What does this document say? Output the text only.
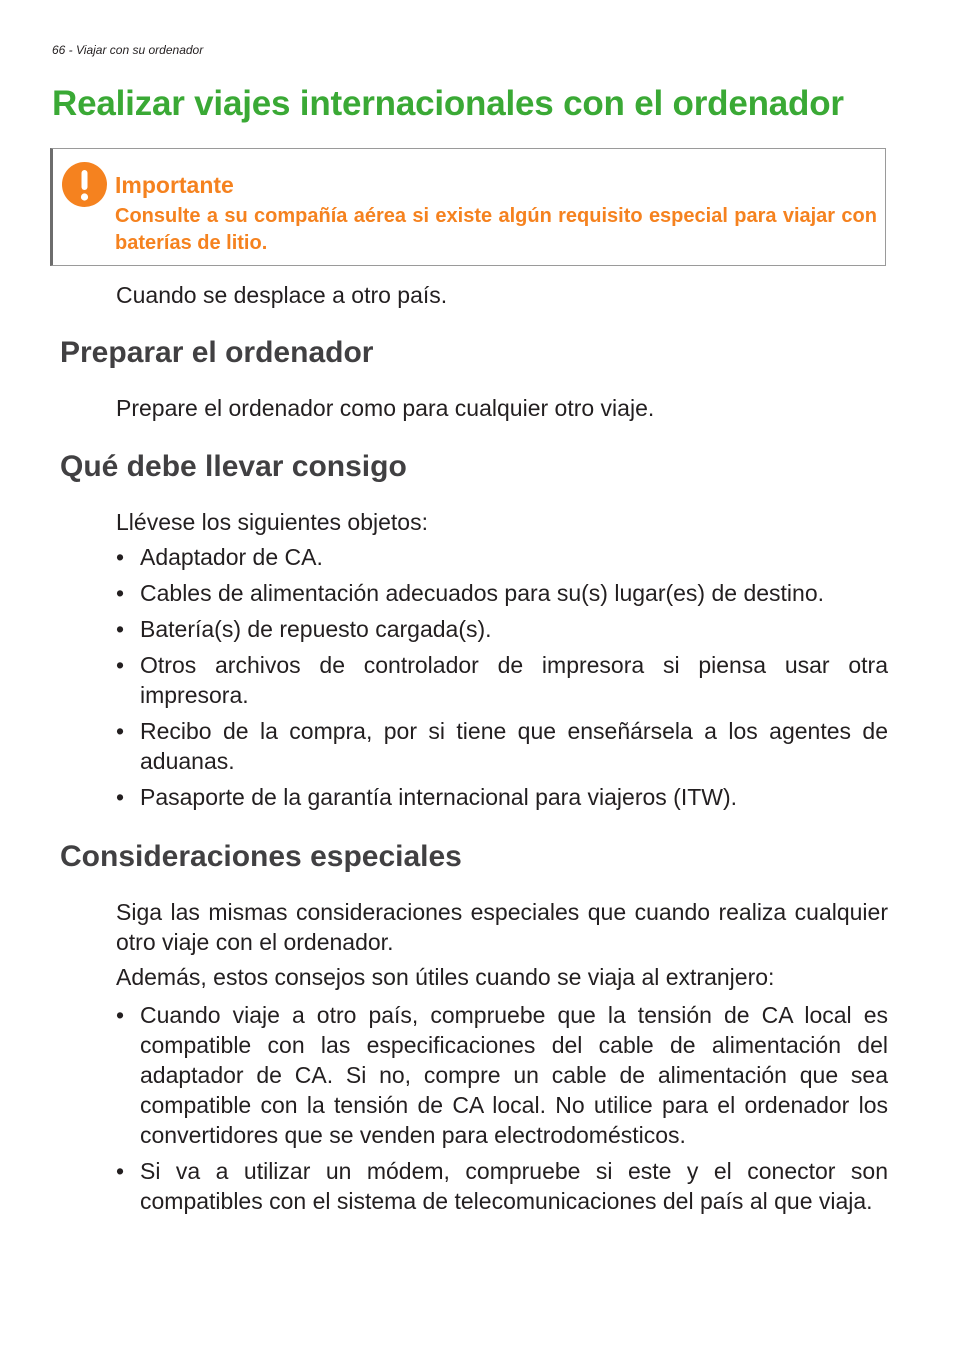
66 - Viajar con su ordenador
Realizar viajes internacionales con el ordenador
Importante
Consulte a su compañía aérea si existe algún requisito especial para viajar con baterías de litio.

Cuando se desplace a otro país.

Preparar el ordenador

Prepare el ordenador como para cualquier otro viaje.

Qué debe llevar consigo

Llévese los siguientes objetos:

• Adaptador de CA.
• Cables de alimentación adecuados para su(s) lugar(es) de destino.
• Batería(s) de repuesto cargada(s).
• Otros archivos de controlador de impresora si piensa usar otra impresora.
• Recibo de la compra, por si tiene que enseñársela a los agentes de aduanas.
• Pasaporte de la garantía internacional para viajeros (ITW).
Consideraciones especiales

Siga las mismas consideraciones especiales que cuando realiza cualquier otro viaje con el ordenador.

Además, estos consejos son útiles cuando se viaja al extranjero:

• Cuando viaje a otro país, compruebe que la tensión de CA local es compatible con las especificaciones del cable de alimentación del adaptador de CA. Si no, compre un cable de alimentación que sea compatible con la tensión de CA local. No utilice para el ordenador los convertidores que se venden para electrodomésticos.
• Si va a utilizar un módem, compruebe si este y el conector son compatibles con el sistema de telecomunicaciones del país al que viaja.
